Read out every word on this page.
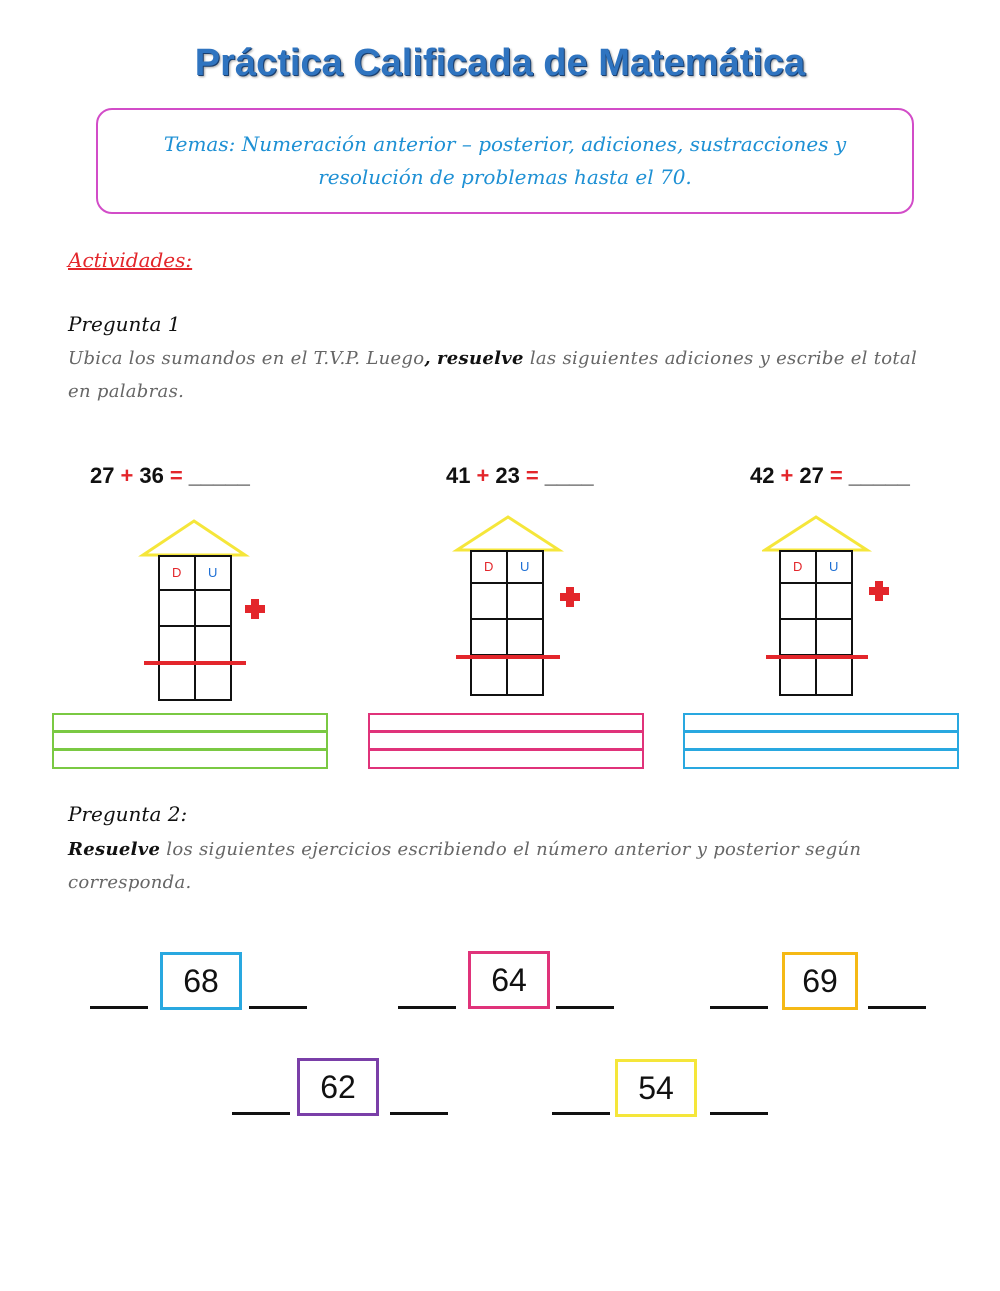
Práctica Calificada de Matemática
Temas: Numeración anterior – posterior, adiciones, sustracciones y
resolución de problemas hasta el 70.
Actividades:
Pregunta 1
Ubica los sumandos en el T.V.P. Luego, resuelve las siguientes adiciones y escribe el total
en palabras.
27 + 36 = _____	41 + 23 = ____	42 + 27 = _____
D U	D U	D U
Pregunta 2:
Resuelve los siguientes ejercicios escribiendo el número anterior y posterior según
corresponda.
68	64	69
62	54
